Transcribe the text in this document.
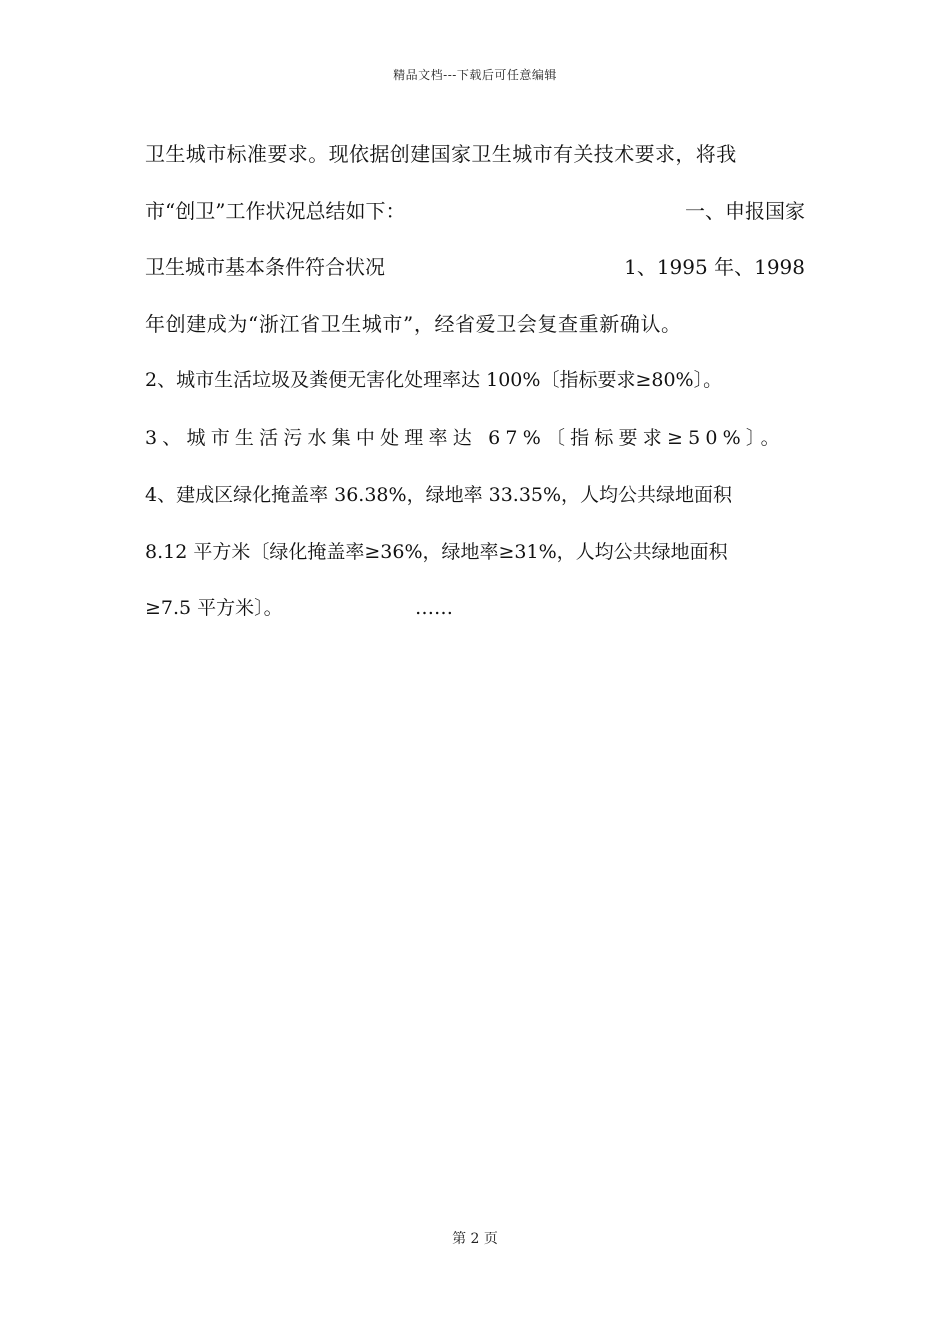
精品文档---下载后可任意编辑
卫生城市标准要求。现依据创建国家卫生城市有关技术要求，将我
市“创卫”工作状况总结如下：	一、申报国家
卫生城市基本条件符合状况	1、1995 年、1998
年创建成为“浙江省卫生城市”，经省爱卫会复查重新确认。
2、城市生活垃圾及粪便无害化处理率达 100%〔指标要求≥80%〕。
3、城市生活污水集中处理率达 67%〔指标要求≥50%〕。
4、建成区绿化掩盖率 36.38%，绿地率 33.35%，人均公共绿地面积
8.12 平方米〔绿化掩盖率≥36%，绿地率≥31%，人均公共绿地面积
≥7.5 平方米〕。	……
第 2 页
